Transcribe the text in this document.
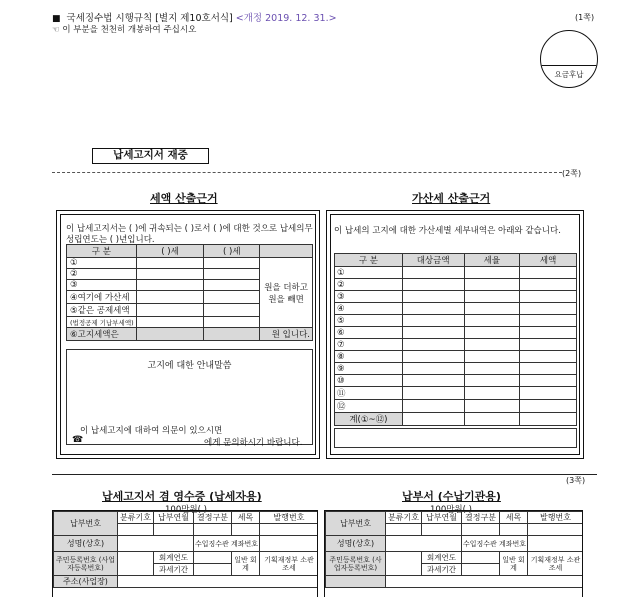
■ 국세징수법 시행규칙 [별지 제10호서식] <개정 2019. 12. 31.>
☜ 이 부분을 천천히 개봉하여 주십시오
(1쪽)
요금후납
납세고지서 재중
(2쪽)
세액 산출근거
이 납세고지서는 ( )에 귀속되는 ( )로서 ( )에 대한 것으로 납세의무 성립연도는 ( )년입니다.
구 분	( )세	( )세	
①			원을 더하고
원을 빼면

②			
③			
④여기에 가산세			
⑤같은 공제세액			
(법정공제 기납부세액)			
⑥고지세액은			원 입니다.
고지에 대한 안내말씀
이 납세고지에 대하여 의문이 있으시면
☎	에게 문의하시기 바랍니다.
가산세 산출근거
이 납세의 고지에 대한 가산세별 세부내역은 아래와 같습니다.
구 분	대상금액	세율	세액
①			
②			
③			
④			
⑤			
⑥			
⑦			
⑧			
⑨			
⑩			
⑪			
⑫			
계(①~⑫)			
(3쪽)
납세고지서 겸 영수증 (납세자용)
100만원( )
납부번호	분류기호	납부연월	결정구분	세목	발행번호

성명(상호)			수입징수관 계좌번호		
주민등록번호 (사업자등록번호)		회계연도		일반 회계	기획재정부 소관 조세
		과세기간			
주소(사업장)					
납부서 (수납기관용)
100만원( )
납부번호	분류기호	납부연월	결정구분	세목	발행번호

성명(상호)			수입징수관 계좌번호		
주민등록번호 (사업자등록번호)		회계연도		일반 회계	기획재정부 소관 조세
		과세기간			
